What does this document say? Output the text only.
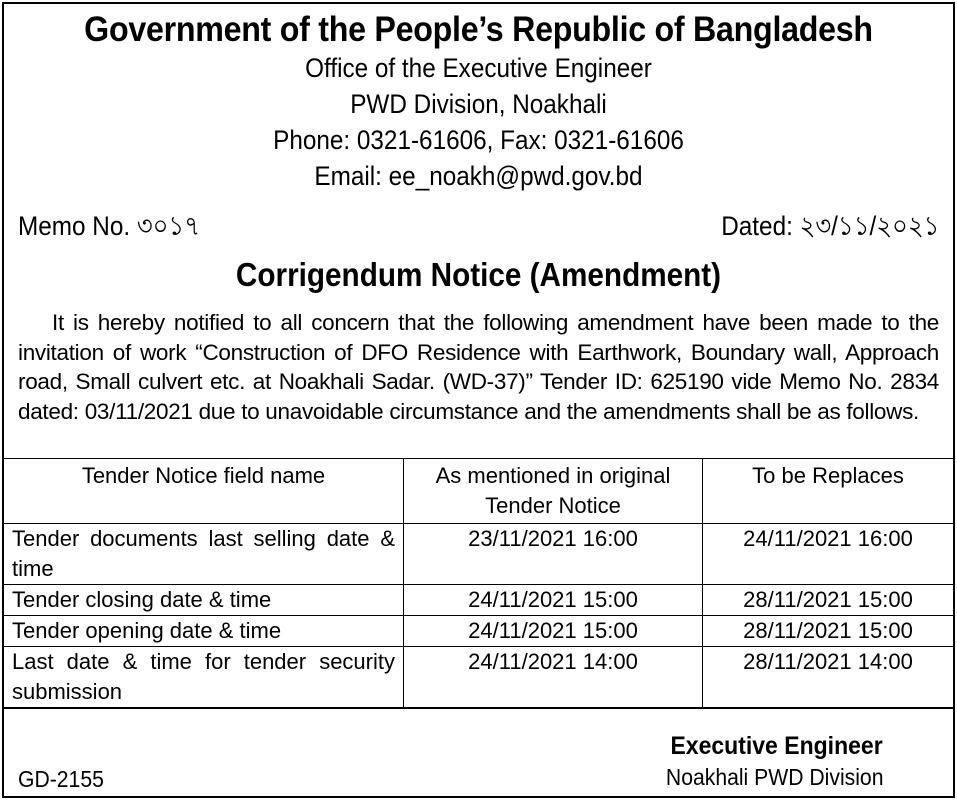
Government of the People’s Republic of Bangladesh
Office of the Executive Engineer
PWD Division, Noakhali
Phone: 0321-61606, Fax: 0321-61606
Email: ee_noakh@pwd.gov.bd
Memo No. ৩০১৭	Dated: ২৩/১১/২০২১
Corrigendum Notice (Amendment)
It is hereby notified to all concern that the following amendment have been made to the invitation of work “Construction of DFO Residence with Earthwork, Boundary wall, Approach road, Small culvert etc. at Noakhali Sadar. (WD-37)” Tender ID: 625190 vide Memo No. 2834 dated: 03/11/2021 due to unavoidable circumstance and the amendments shall be as follows.
Tender Notice field name	As mentioned in original Tender Notice	To be Replaces
Tender documents last selling date & time	23/11/2021 16:00	24/11/2021 16:00
Tender closing date & time	24/11/2021 15:00	28/11/2021 15:00
Tender opening date & time	24/11/2021 15:00	28/11/2021 15:00
Last date & time for tender security submission	24/11/2021 14:00	28/11/2021 14:00
Executive Engineer
Noakhali PWD Division
GD-2155
